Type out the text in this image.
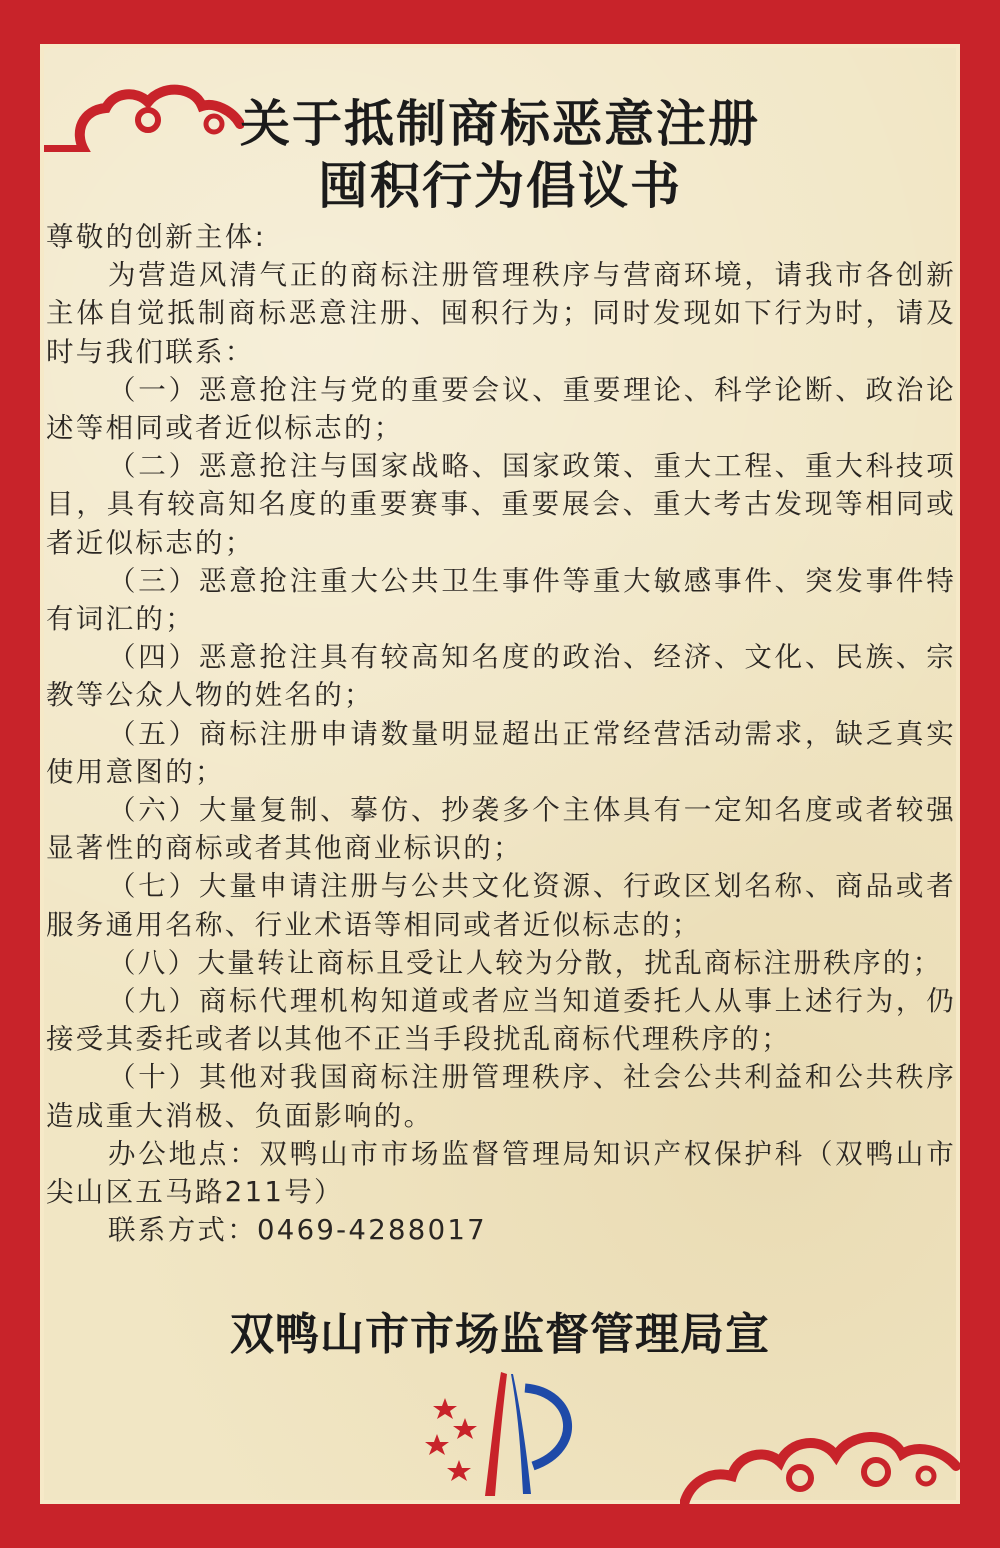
关于抵制商标恶意注册
囤积行为倡议书

尊敬的创新主体:

为营造风清气正的商标注册管理秩序与营商环境，请我市各创新主体自觉抵制商标恶意注册、囤积行为；同时发现如下行为时，请及时与我们联系：

（一）恶意抢注与党的重要会议、重要理论、科学论断、政治论述等相同或者近似标志的；

（二）恶意抢注与国家战略、国家政策、重大工程、重大科技项目，具有较高知名度的重要赛事、重要展会、重大考古发现等相同或者近似标志的；

（三）恶意抢注重大公共卫生事件等重大敏感事件、突发事件特有词汇的；

（四）恶意抢注具有较高知名度的政治、经济、文化、民族、宗教等公众人物的姓名的；

（五）商标注册申请数量明显超出正常经营活动需求，缺乏真实使用意图的；

（六）大量复制、摹仿、抄袭多个主体具有一定知名度或者较强显著性的商标或者其他商业标识的；

（七）大量申请注册与公共文化资源、行政区划名称、商品或者服务通用名称、行业术语等相同或者近似标志的；

（八）大量转让商标且受让人较为分散，扰乱商标注册秩序的；

（九）商标代理机构知道或者应当知道委托人从事上述行为，仍接受其委托或者以其他不正当手段扰乱商标代理秩序的；

（十）其他对我国商标注册管理秩序、社会公共利益和公共秩序造成重大消极、负面影响的。

办公地点：双鸭山市市场监督管理局知识产权保护科（双鸭山市尖山区五马路211号）

联系方式：0469-4288017

双鸭山市市场监督管理局宣
